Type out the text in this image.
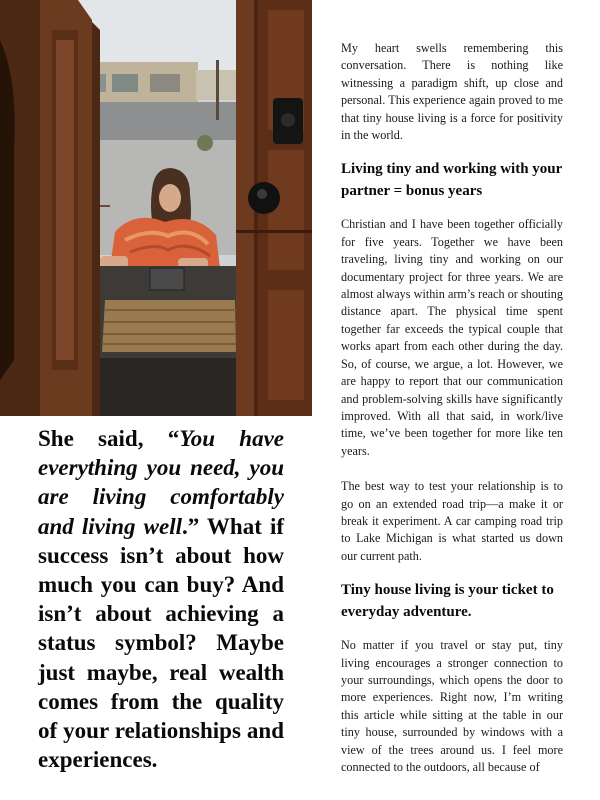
She said, “You have everything you need, you are living comfortably and living well.” What if success isn’t about how much you can buy? And isn’t about achieving a status symbol? Maybe just maybe, real wealth comes from the quality of your relationships and experiences.

My heart swells remembering this conversation. There is nothing like witnessing a paradigm shift, up close and personal. This experience again proved to me that tiny house living is a force for positivity in the world.

Living tiny and working with your partner = bonus years

Christian and I have been together officially for five years. Together we have been traveling, living tiny and working on our documentary project for three years. We are almost always within arm’s reach or shouting distance apart. The physical time spent together far exceeds the typical couple that works apart from each other during the day. So, of course, we argue, a lot. However, we are happy to report that our communication and problem-solving skills have significantly improved. With all that said, in work/live time, we’ve been together for more like ten years.

The best way to test your relationship is to go on an extended road trip—a make it or break it experiment. A car camping road trip to Lake Michigan is what started us down our current path.

Tiny house living is your ticket to everyday adventure.

No matter if you travel or stay put, tiny living encourages a stronger connection to your surroundings, which opens the door to more experiences. Right now, I’m writing this article while sitting at the table in our tiny house, surrounded by windows with a view of the trees around us. I feel more connected to the outdoors, all because of
